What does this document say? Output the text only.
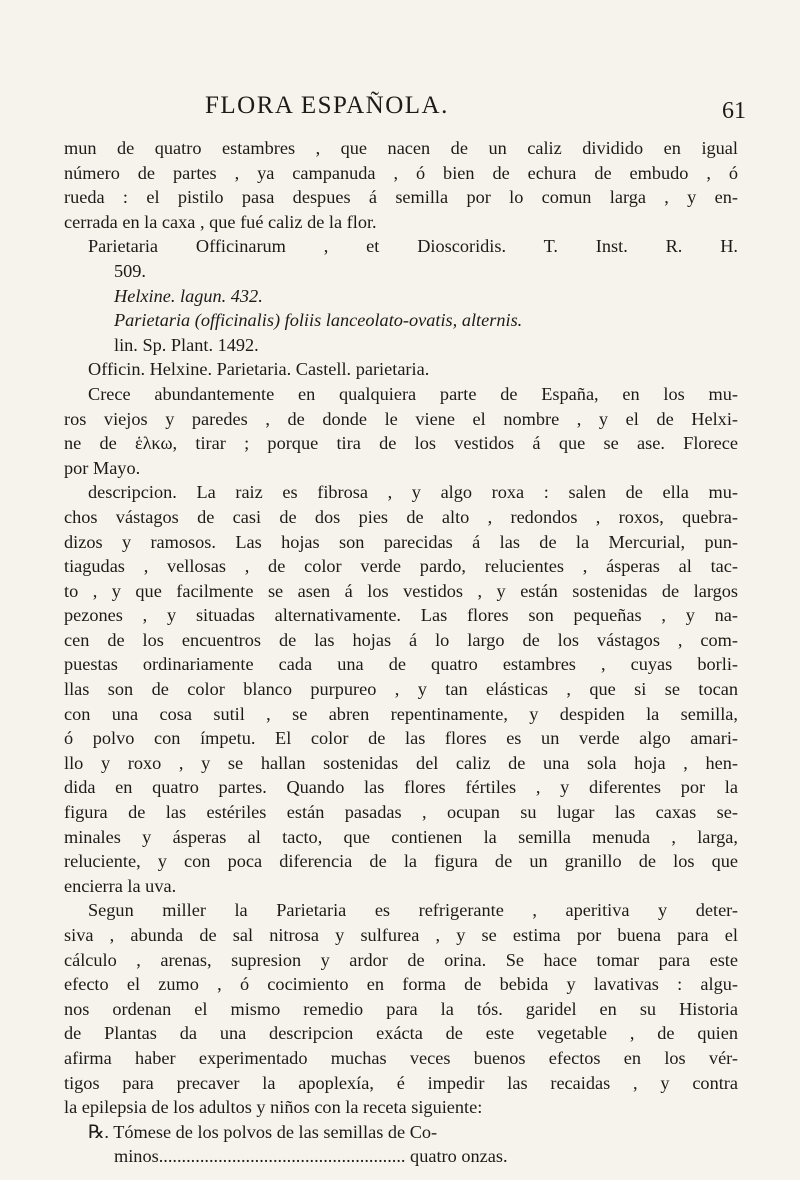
FLORA ESPAÑOLA.	61
mun de quatro estambres , que nacen de un caliz dividido en igual
número de partes , ya campanuda , ó bien de echura de embudo , ó
rueda : el pistilo pasa despues á semilla por lo comun larga , y en-
cerrada en la caxa , que fué caliz de la flor.
Parietaria Officinarum , et Dioscoridis. T. Inst. R. H.
509.
Helxine. lagun. 432.
Parietaria (officinalis) foliis lanceolato-ovatis, alternis.
lin. Sp. Plant. 1492.
Officin. Helxine. Parietaria. Castell. parietaria.
Crece abundantemente en qualquiera parte de España, en los mu-
ros viejos y paredes , de donde le viene el nombre , y el de Helxi-
ne de ἑλκω, tirar ; porque tira de los vestidos á que se ase. Florece
por Mayo.
descripcion. La raiz es fibrosa , y algo roxa : salen de ella mu-
chos vástagos de casi de dos pies de alto , redondos , roxos, quebra-
dizos y ramosos. Las hojas son parecidas á las de la Mercurial, pun-
tiagudas , vellosas , de color verde pardo, relucientes , ásperas al tac-
to , y que facilmente se asen á los vestidos , y están sostenidas de largos
pezones , y situadas alternativamente. Las flores son pequeñas , y na-
cen de los encuentros de las hojas á lo largo de los vástagos , com-
puestas ordinariamente cada una de quatro estambres , cuyas borli-
llas son de color blanco purpureo , y tan elásticas , que si se tocan
con una cosa sutil , se abren repentinamente, y despiden la semilla,
ó polvo con ímpetu. El color de las flores es un verde algo amari-
llo y roxo , y se hallan sostenidas del caliz de una sola hoja , hen-
dida en quatro partes. Quando las flores fértiles , y diferentes por la
figura de las estériles están pasadas , ocupan su lugar las caxas se-
minales y ásperas al tacto, que contienen la semilla menuda , larga,
reluciente, y con poca diferencia de la figura de un granillo de los que
encierra la uva.
Segun miller la Parietaria es refrigerante , aperitiva y deter-
siva , abunda de sal nitrosa y sulfurea , y se estima por buena para el
cálculo , arenas, supresion y ardor de orina. Se hace tomar para este
efecto el zumo , ó cocimiento en forma de bebida y lavativas : algu-
nos ordenan el mismo remedio para la tós. garidel en su Historia
de Plantas da una descripcion exácta de este vegetable , de quien
afirma haber experimentado muchas veces buenos efectos en los vér-
tigos para precaver la apoplexía, é impedir las recaidas , y contra
la epilepsia de los adultos y niños con la receta siguiente:
℞. Tómese de los polvos de las semillas de Co-
minos...................................................... quatro onzas.
